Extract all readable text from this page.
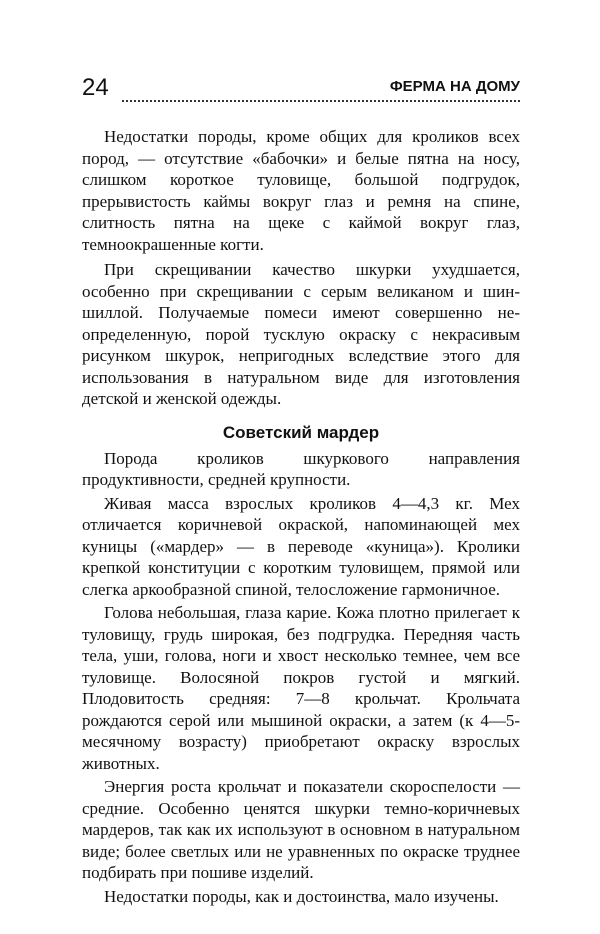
24	ФЕРМА НА ДОМУ

Недостатки породы, кроме общих для кроликов всех пород, — отсутствие «бабочки» и белые пятна на носу, слишком короткое туловище, большой подгрудок, прерывистость каймы вокруг глаз и ремня на спине, слитность пятна на щеке с каймой вокруг глаз, темноокрашенные когти.

При скрещивании качество шкурки ухудшается, особенно при скрещивании с серым великаном и шиншиллой. Получаемые помеси имеют совершенно неопределенную, порой тусклую окраску с некрасивым рисунком шкурок, непригодных вследствие этого для использования в натуральном виде для изготовления детской и женской одежды.

Советский мардер

Порода кроликов шкуркового направления продуктивности, средней крупности.

Живая масса взрослых кроликов 4—4,3 кг. Мех отличается коричневой окраской, напоминающей мех куницы («мардер» — в переводе «куница»). Кролики крепкой конституции с коротким туловищем, прямой или слегка аркообразной спиной, телосложение гармоничное.

Голова небольшая, глаза карие. Кожа плотно прилегает к туловищу, грудь широкая, без подгрудка. Передняя часть тела, уши, голова, ноги и хвост несколько темнее, чем все туловище. Волосяной покров густой и мягкий. Плодовитость средняя: 7—8 крольчат. Крольчата рождаются серой или мышиной окраски, а затем (к 4—5-месячному возрасту) приобретают окраску взрослых животных.

Энергия роста крольчат и показатели скороспелости — средние. Особенно ценятся шкурки темно-коричневых мардеров, так как их используют в основном в натуральном виде; более светлых или не уравненных по окраске труднее подбирать при пошиве изделий.

Недостатки породы, как и достоинства, мало изучены.
